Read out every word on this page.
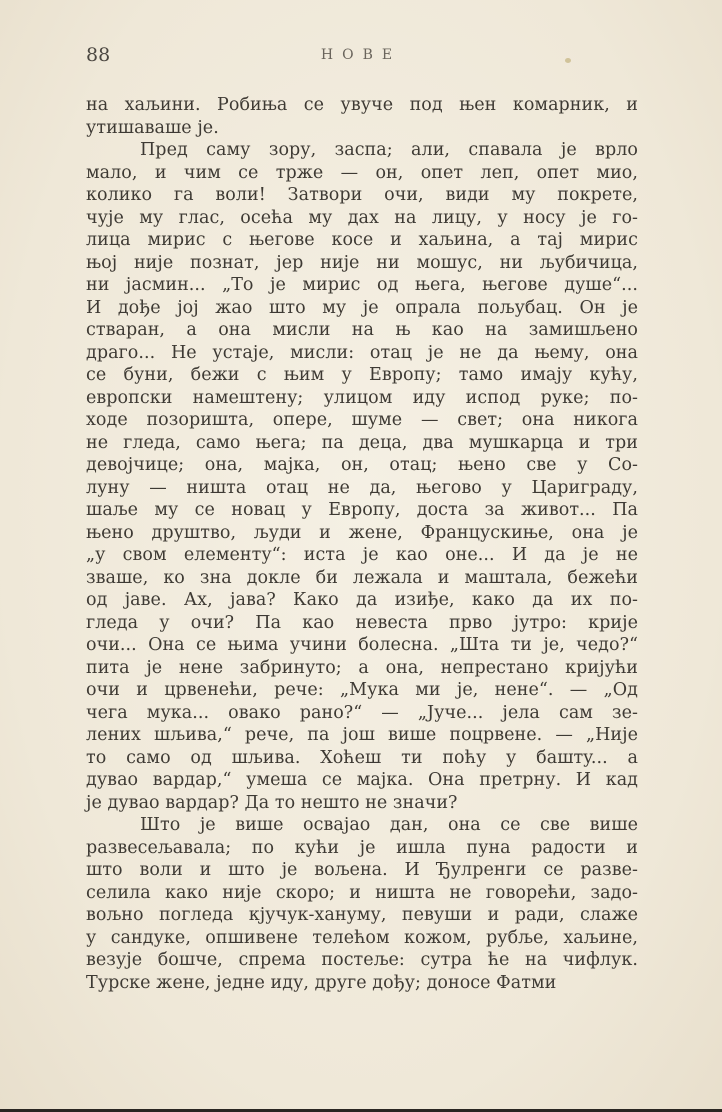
88	НОВЕ
на хаљини. Робиња се увуче под њен комарник, и
утишаваше је.
Пред саму зору, заспа; али, спавала је врло
мало, и чим се трже — он, опет леп, опет мио,
колико га воли! Затвори очи, види му покрете,
чује му глас, осећа му дах на лицу, у носу је го-
лица мирис с његове косе и хаљина, а тај мирис
њој није познат, јер није ни мошус, ни љубичица,
ни јасмин... „То је мирис од њега, његове душе“...
И дође јој жао што му је опрала пољубац. Он је
стваран, а она мисли на њ као на замишљено
драго... Не устаје, мисли: отац је не да њему, она
се буни, бежи с њим у Европу; тамо имају кућу,
европски намештену; улицом иду испод руке; по-
ходе позоришта, опере, шуме — свет; она никога
не гледа, само њега; па деца, два мушкарца и три
девојчице; она, мајка, он, отац; њено све у Со-
луну — ништа отац не да, његово у Цариграду,
шаље му се новац у Европу, доста за живот... Па
њено друштво, људи и жене, Францускиње, она је
„у свом елементу“: иста је као оне... И да је не
зваше, ко зна докле би лежала и маштала, бежећи
од јаве. Ах, јава? Како да изиђе, како да их по-
гледа у очи? Па као невеста прво јутро: крије
очи... Она се њима учини болесна. „Шта ти је, чедо?“
пита је нене забринуто; а она, непрестано кријући
очи и црвенећи, рече: „Мука ми је, нене“. — „Од
чега мука... овако рано?“ — „Јуче... јела сам зе-
лених шљива,“ рече, па још више поцрвене. — „Није
то само од шљива. Хоћеш ти поћу у баштy... а
дувао вардар,“ умеша се мајка. Она претрну. И кад
је дувао вардар? Да то нешто не значи?
Што је више освајао дан, она се све више
развесељавала; по кући је ишла пуна радости и
што воли и што је вољена. И Ђулренги се разве-
селила како није скоро; и ништа не говорећи, задо-
вољно погледа кјучук-хануму, певуши и ради, слаже
у сандуке, опшивене телећом кожом, рубље, хаљине,
везује бошче, спрема постеље: сутра ће на чифлук.
Турске жене, једне иду, друге дођу; доносе Фатми
